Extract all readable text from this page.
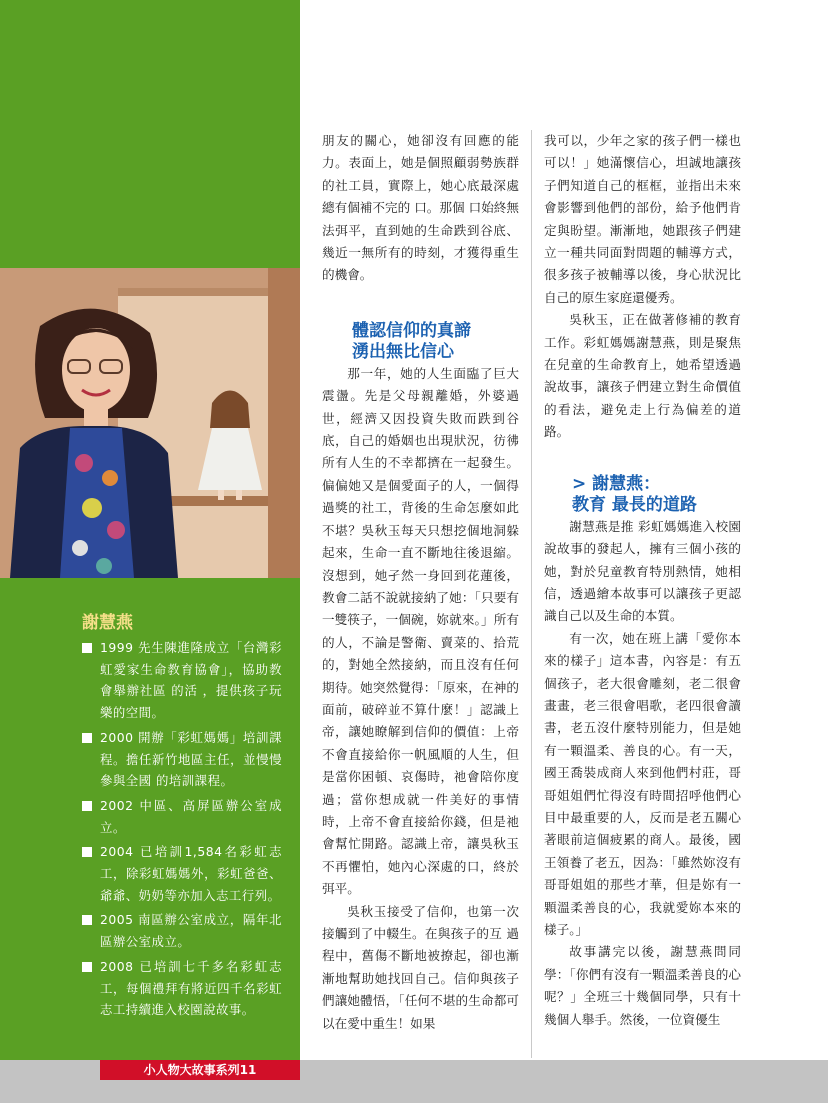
謝慧燕
1999 先生陳進隆成立「台灣彩虹愛家生命教育協會」，協助教會舉辦社區 的活 ，提供孩子玩樂的空間。
2000 開辦「彩虹媽媽」培訓課程。擔任新竹地區主任，並慢慢參與全國 的培訓課程。
2002 中區、高屏區辦公室成立。
2004 已培訓1,584名彩虹志工，除彩虹媽媽外，彩虹爸爸、爺爺、奶奶等亦加入志工行列。
2005 南區辦公室成立，隔年北區辦公室成立。
2008 已培訓七千多名彩虹志工，每個禮拜有將近四千名彩虹志工持續進入校園說故事。

朋友的關心，她卻沒有回應的能力。表面上，她是個照顧弱勢族群的社工員，實際上，她心底最深處總有個補不完的 口。那個 口始終無法弭平，直到她的生命跌到谷底、幾近一無所有的時刻，才獲得重生的機會。

體認信仰的真諦
湧出無比信心

那一年，她的人生面臨了巨大震盪。先是父母親離婚，外婆過世，經濟又因投資失敗而跌到谷底，自己的婚姻也出現狀況，彷彿所有人生的不幸都擠在一起發生。偏偏她又是個愛面子的人，一個得過獎的社工，背後的生命怎麼如此不堪？吳秋玉每天只想挖個地洞躲起來，生命一直不斷地往後退縮。沒想到，她孑然一身回到花蓮後，教會二話不說就接納了她：「只要有一雙筷子，一個碗，妳就來。」所有的人，不論是警衛、賣菜的、拾荒的，對她全然接納，而且沒有任何期待。她突然覺得：「原來，在神的面前，破碎並不算什麼！」認識上帝，讓她瞭解到信仰的價值：上帝不會直接給你一帆風順的人生，但是當你困頓、哀傷時，祂會陪你度過；當你想成就一件美好的事情時，上帝不會直接給你錢，但是祂會幫忙開路。認識上帝，讓吳秋玉不再懼怕，她內心深處的口，終於弭平。

吳秋玉接受了信仰，也第一次接觸到了中輟生。在與孩子的互 過程中，舊傷不斷地被撩起，卻也漸漸地幫助她找回自己。信仰與孩子們讓她體悟，「任何不堪的生命都可以在愛中重生！如果

我可以，少年之家的孩子們一樣也可以！」她滿懷信心，坦誠地讓孩子們知道自己的框框，並指出未來會影響到他們的部份，給予他們肯定與盼望。漸漸地，她跟孩子們建立一種共同面對問題的輔導方式，很多孩子被輔導以後，身心狀況比自己的原生家庭還優秀。

吳秋玉，正在做著修補的教育工作。彩虹媽媽謝慧燕，則是聚焦在兒童的生命教育上，她希望透過說故事，讓孩子們建立對生命價值的看法，避免走上行為偏差的道路。

> 謝慧燕：
教育 最長的道路

謝慧燕是推 彩虹媽媽進入校園說故事的發起人，擁有三個小孩的她，對於兒童教育特別熱情，她相信，透過繪本故事可以讓孩子更認識自己以及生命的本質。

有一次，她在班上講「愛你本來的樣子」這本書，內容是：有五個孩子，老大很會雕刻，老二很會畫畫，老三很會唱歌，老四很會讀書，老五沒什麼特別能力，但是她有一顆溫柔、善良的心。有一天，國王喬裝成商人來到他們村莊，哥哥姐姐們忙得沒有時間招呼他們心目中最重要的人，反而是老五關心著眼前這個疲累的商人。最後，國王領養了老五，因為：「雖然妳沒有哥哥姐姐的那些才華，但是妳有一顆溫柔善良的心，我就愛妳本來的樣子。」

故事講完以後，謝慧燕問同學：「你們有沒有一顆溫柔善良的心呢？」全班三十幾個同學，只有十幾個人舉手。然後，一位資優生

小人物大故事系列11
